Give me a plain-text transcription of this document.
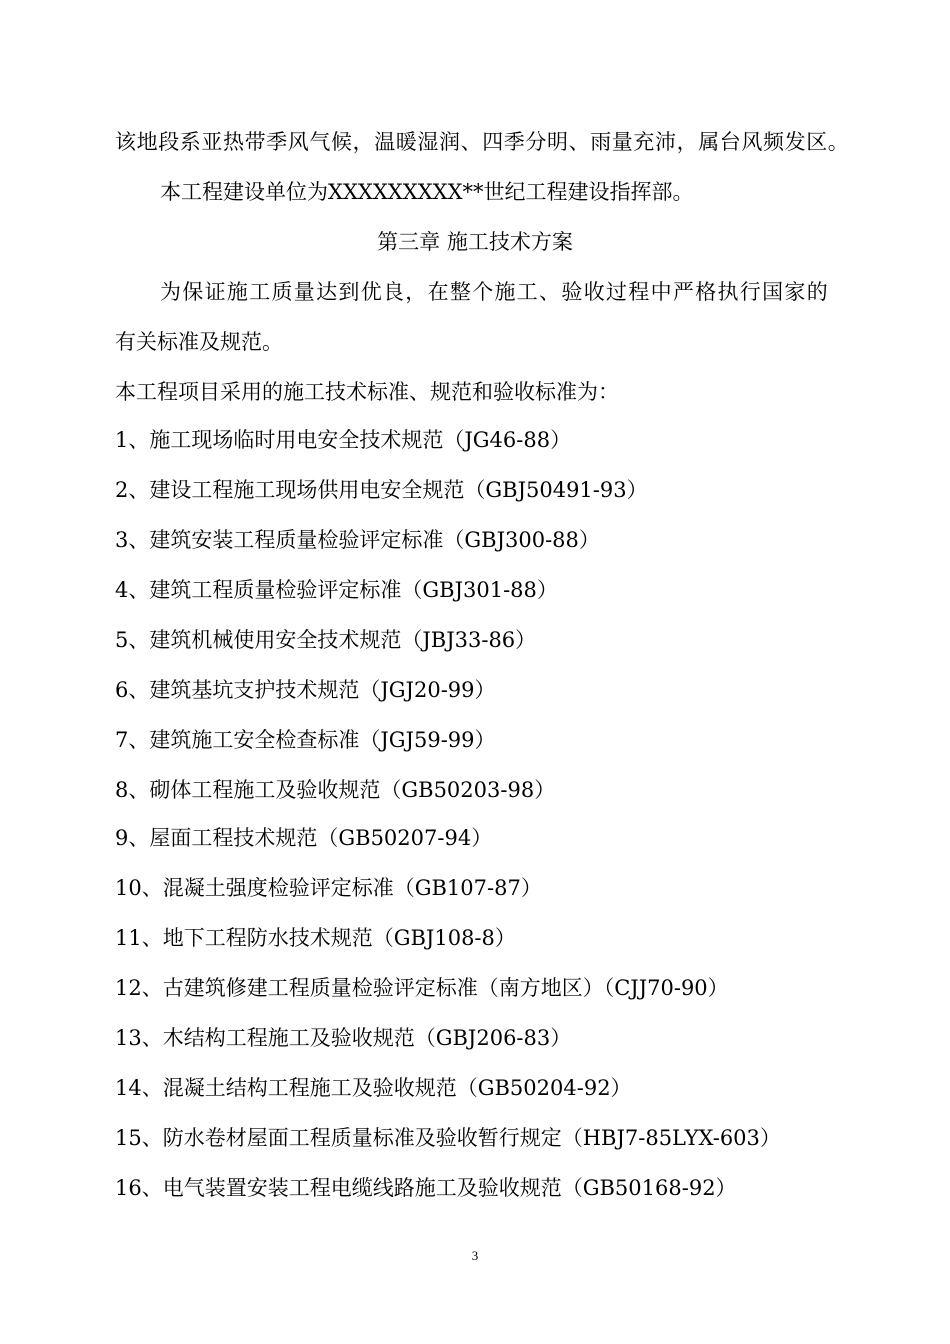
该地段系亚热带季风气候，温暖湿润、四季分明、雨量充沛，属台风频发区。
本工程建设单位为XXXXXXXXX**世纪工程建设指挥部。
第三章 施工技术方案
为保证施工质量达到优良，在整个施工、验收过程中严格执行国家的
有关标准及规范。
本工程项目采用的施工技术标准、规范和验收标准为：
1、施工现场临时用电安全技术规范（JG46-88）
2、建设工程施工现场供用电安全规范（GBJ50491-93）
3、建筑安装工程质量检验评定标准（GBJ300-88）
4、建筑工程质量检验评定标准（GBJ301-88）
5、建筑机械使用安全技术规范（JBJ33-86）
6、建筑基坑支护技术规范（JGJ20-99）
7、建筑施工安全检查标准（JGJ59-99）
8、砌体工程施工及验收规范（GB50203-98）
9、屋面工程技术规范（GB50207-94）
10、混凝土强度检验评定标准（GB107-87）
11、地下工程防水技术规范（GBJ108-8）
12、古建筑修建工程质量检验评定标准（南方地区）（CJJ70-90）
13、木结构工程施工及验收规范（GBJ206-83）
14、混凝土结构工程施工及验收规范（GB50204-92）
15、防水卷材屋面工程质量标准及验收暂行规定（HBJ7-85LYX-603）
16、电气装置安装工程电缆线路施工及验收规范（GB50168-92）
3
